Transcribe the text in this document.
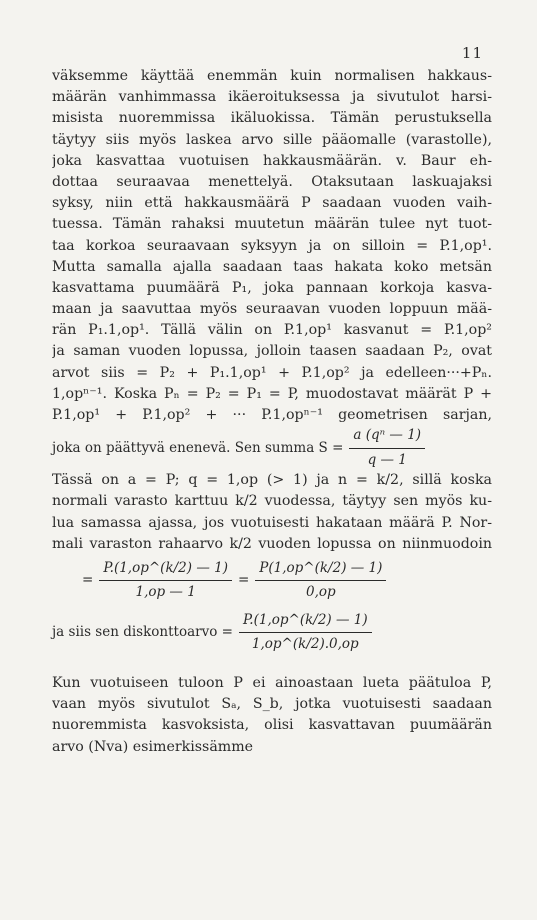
11
väksemme käyttää enemmän kuin normalisen hakkaus-
määrän vanhimmassa ikäeroituksessa ja sivutulot harsi-
misista nuoremmissa ikäluokissa. Tämän perustuksella
täytyy siis myös laskea arvo sille pääomalle (varastolle),
joka kasvattaa vuotuisen hakkausmäärän. v. Baur eh-
dottaa seuraavaa menettelyä. Otaksutaan laskuajaksi
syksy, niin että hakkausmäärä P saadaan vuoden vaih-
tuessa. Tämän rahaksi muutetun määrän tulee nyt tuot-
taa korkoa seuraavaan syksyyn ja on silloin = P.1,op¹.
Mutta samalla ajalla saadaan taas hakata koko metsän
kasvattama puumäärä P₁, joka pannaan korkoja kasva-
maan ja saavuttaa myös seuraavan vuoden loppuun mää-
rän P₁.1,op¹. Tällä välin on P.1,op¹ kasvanut = P.1,op²
ja saman vuoden lopussa, jolloin taasen saadaan P₂, ovat
arvot siis = P₂ + P₁.1,op¹ + P.1,op² ja edelleen···+Pₙ.
1,opⁿ⁻¹. Koska Pₙ = P₂ = P₁ = P, muodostavat määrät P +
P.1,op¹ + P.1,op² + ··· P.1,opⁿ⁻¹ geometrisen sarjan,
joka on päättyvä enenevä. Sen summa $S = \frac{\text{a (qⁿ — 1)}}{q — 1}$
Tässä on a = P; q = 1,op (> 1) ja n = k/2, sillä koska
normali varasto karttuu k/2 vuodessa, täytyy sen myös ku-
lua samassa ajassa, jos vuotuisesti hakataan määrä P. Nor-
mali varaston rahaarvo k/2 vuoden lopussa on niinmuodoin
= $\frac{P.(1,op\^{}(k/2) — 1)}{1,op — 1} = \frac{P(1,op\^{}(k/2) — 1)}{0,op}$
ja siis sen diskonttoarvo = $\frac{P.(1,op\^{}(k/2) — 1)}{1,op\^{}(k/2).0,op}$
Kun vuotuiseen tuloon P ei ainoastaan lueta päätuloa P,
vaan myös sivutulot Sₐ, S_b, jotka vuotuisesti saadaan
nuoremmista kasvoksista, olisi kasvattavan puumäärän
arvo (Nva) esimerkissämme
